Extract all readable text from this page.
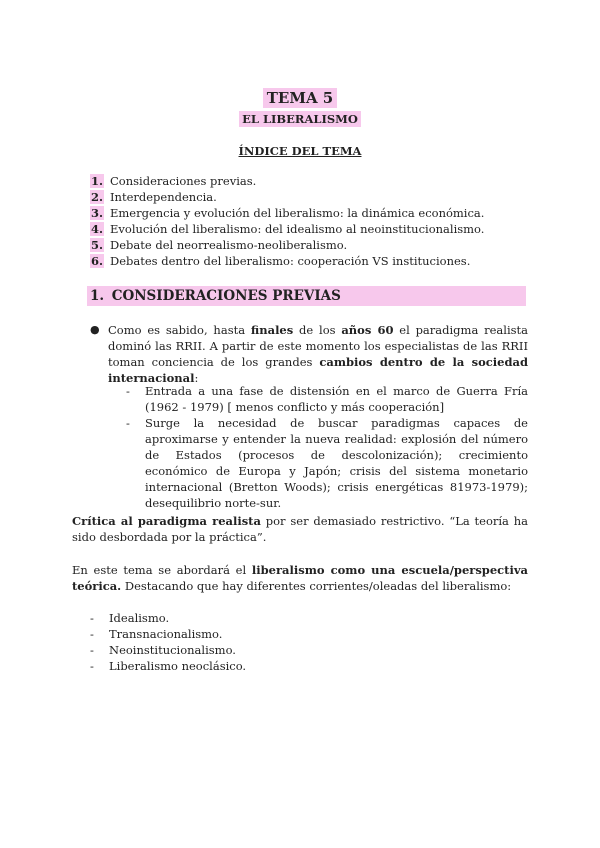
TEMA 5
EL LIBERALISMO
ÍNDICE DEL TEMA
1. Consideraciones previas.
2. Interdependencia.
3. Emergencia y evolución del liberalismo: la dinámica económica.
4. Evolución del liberalismo: del idealismo al neoinstitucionalismo.
5. Debate del neorrealismo-neoliberalismo.
6. Debates dentro del liberalismo: cooperación VS instituciones.
1. CONSIDERACIONES PREVIAS
● Como es sabido, hasta finales de los años 60 el paradigma realista dominó las RRII. A partir de este momento los especialistas de las RRII toman conciencia de los grandes cambios dentro de la sociedad internacional:
- Entrada a una fase de distensión en el marco de Guerra Fría (1962 - 1979) [ menos conflicto y más cooperación]
- Surge la necesidad de buscar paradigmas capaces de aproximarse y entender la nueva realidad: explosión del número de Estados (procesos de descolonización); crecimiento económico de Europa y Japón; crisis del sistema monetario internacional (Bretton Woods); crisis energéticas 81973-1979); desequilibrio norte-sur.
Crítica al paradigma realista por ser demasiado restrictivo. “La teoría ha sido desbordada por la práctica”.
En este tema se abordará el liberalismo como una escuela/perspectiva teórica. Destacando que hay diferentes corrientes/oleadas del liberalismo:
- Idealismo.
- Transnacionalismo.
- Neoinstitucionalismo.
- Liberalismo neoclásico.
